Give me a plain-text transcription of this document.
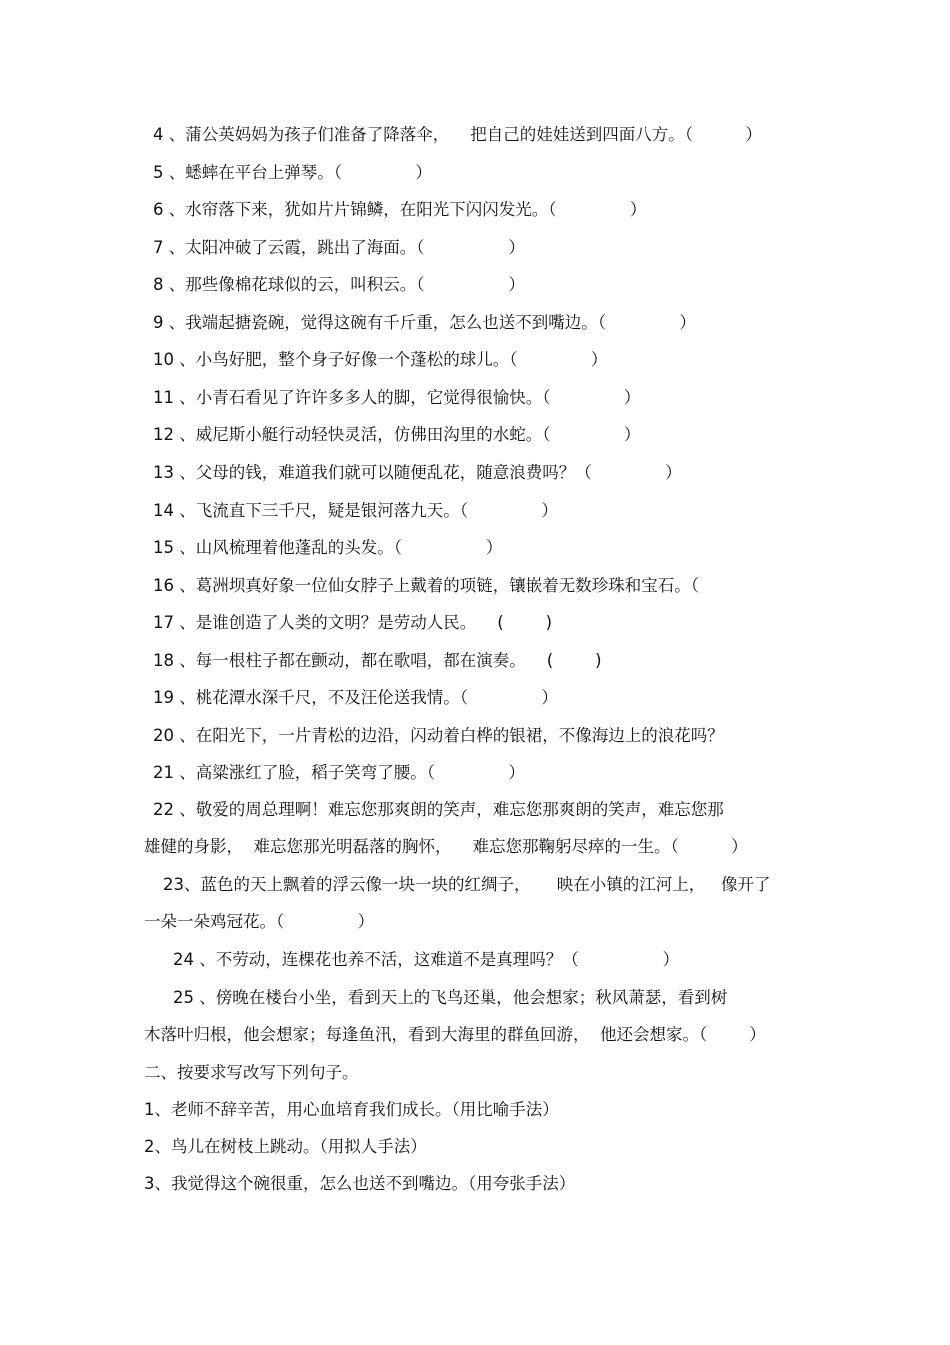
4 、蒲公英妈妈为孩子们准备了降落伞，    把自己的娃娃送到四面八方。（          ）
5 、蟋蟀在平台上弹琴。（              ）
6 、水帘落下来，犹如片片锦鳞，在阳光下闪闪发光。（              ）
7 、太阳冲破了云霞，跳出了海面。（                ）
8 、那些像棉花球似的云，叫积云。（                ）
9 、我端起搪瓷碗，觉得这碗有千斤重，怎么也送不到嘴边。（              ）
10 、小鸟好肥，整个身子好像一个蓬松的球儿。（              ）
11 、小青石看见了许许多多人的脚，它觉得很愉快。（              ）
12 、威尼斯小艇行动轻快灵活，仿佛田沟里的水蛇。（              ）
13 、父母的钱，难道我们就可以随便乱花，随意浪费吗？（              ）
14 、飞流直下三千尺，疑是银河落九天。（              ）
15 、山风梳理着他蓬乱的头发。（                ）
16 、葛洲坝真好象一位仙女脖子上戴着的项链，镶嵌着无数珍珠和宝石。（
17 、是谁创造了人类的文明？是劳动人民。    (        )
18 、每一根柱子都在颤动，都在歌唱，都在演奏。    (        )
19 、桃花潭水深千尺，不及汪伦送我情。（              ）
20 、在阳光下，一片青松的边沿，闪动着白桦的银裙，不像海边上的浪花吗？
21 、高粱涨红了脸，稻子笑弯了腰。（              ）
22 、敬爱的周总理啊！难忘您那爽朗的笑声，难忘您那爽朗的笑声，难忘您那
雄健的身影，  难忘您那光明磊落的胸怀，    难忘您那鞠躬尽瘁的一生。（          ）
23、蓝色的天上飘着的浮云像一块一块的红绸子，     映在小镇的江河上，   像开了
一朵一朵鸡冠花。（              ）
24 、不劳动，连棵花也养不活，这难道不是真理吗？（                ）
25 、傍晚在楼台小坐，看到天上的飞鸟还巢，他会想家；秋风萧瑟，看到树
木落叶归根，他会想家；每逢鱼汛，看到大海里的群鱼回游，  他还会想家。（        ）
二、按要求写改写下列句子。
1、老师不辞辛苦，用心血培育我们成长。（用比喻手法）
2、鸟儿在树枝上跳动。（用拟人手法）
3、我觉得这个碗很重，怎么也送不到嘴边。（用夸张手法）
